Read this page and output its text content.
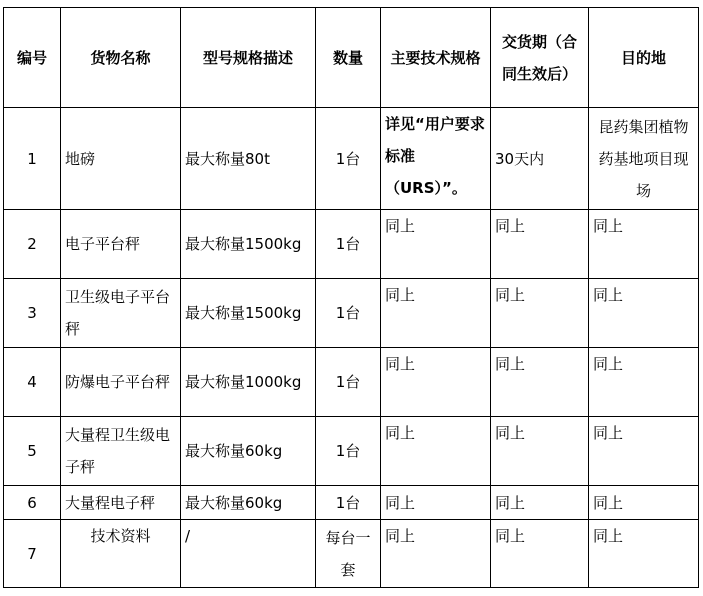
编号	货物名称	型号规格描述	数量	主要技术规格	交货期（合同生效后）	目的地
1	地磅	最大称量80t	1台	详见“用户要求标准（URS）”。	30天内	昆药集团植物药基地项目现场
2	电子平台秤	最大称量1500kg	1台	同上	同上	同上
3	卫生级电子平台秤	最大称量1500kg	1台	同上	同上	同上
4	防爆电子平台秤	最大称量1000kg	1台	同上	同上	同上
5	大量程卫生级电子秤	最大称量60kg	1台	同上	同上	同上
6	大量程电子秤	最大称量60kg	1台	同上	同上	同上
7	技术资料	/	每台一套	同上	同上	同上
